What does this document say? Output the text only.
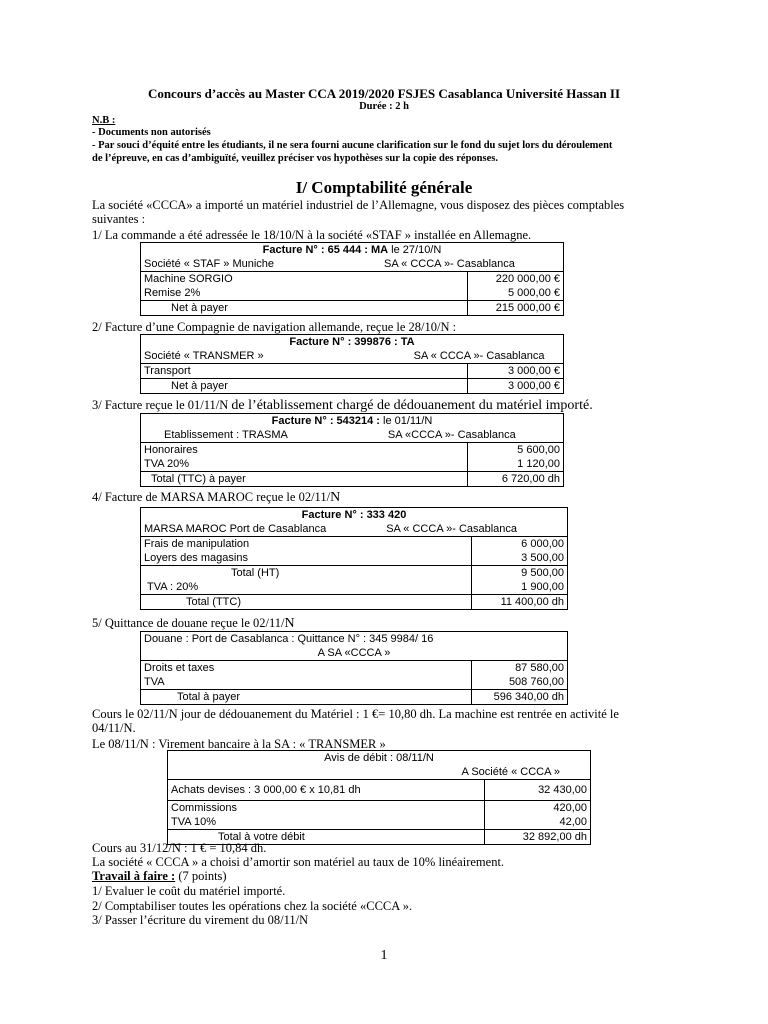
Concours d’accès au Master CCA 2019/2020 FSJES Casablanca Université Hassan II
Durée : 2 h
N.B :
- Documents non autorisés
- Par souci d’équité entre les étudiants, il ne sera fourni aucune clarification sur le fond du sujet lors du déroulement
de l’épreuve, en cas d’ambiguïté, veuillez préciser vos hypothèses sur la copie des réponses.
I/ Comptabilité générale
La société «CCCA» a importé un matériel industriel de l’Allemagne, vous disposez des pièces comptables
suivantes :
1/ La commande a été adressée le 18/10/N à la société «STAF » installée en Allemagne.
Facture N° : 65 444 : MA le 27/10/N	
Société « STAF » Muniche SA « CCCA »- Casablanca	
Machine SORGIO	220 000,00 €
Remise 2%	5 000,00 €
Net à payer	215 000,00 €
2/ Facture d’une Compagnie de navigation allemande, reçue le 28/10/N :
Facture N° : 399876 : TA	
Société « TRANSMER » SA « CCCA »- Casablanca	
Transport	3 000,00 €
Net à payer	3 000,00 €
3/ Facture reçue le 01/11/N de l’établissement chargé de dédouanement du matériel importé.
Facture N° : 543214 : le 01/11/N	
Etablissement : TRASMA SA «CCCA »- Casablanca	
Honoraires	5 600,00
TVA 20%	1 120,00
Total (TTC) à payer	6 720,00 dh
4/ Facture de MARSA MAROC reçue le 02/11/N
Facture N° : 333 420	
MARSA MAROC Port de Casablanca SA « CCCA »- Casablanca	
Frais de manipulation	6 000,00
Loyers des magasins	3 500,00
Total (HT)	9 500,00
TVA : 20%	1 900,00
Total (TTC)	11 400,00 dh
5/ Quittance de douane reçue le 02/11/N
Douane : Port de Casablanca : Quittance N° : 345 9984/ 16	
A SA «CCCA »	
Droits et taxes	87 580,00
TVA	508 760,00
Total à payer	596 340,00 dh
Cours le 02/11/N jour de dédouanement du Matériel : 1 €= 10,80 dh. La machine est rentrée en activité le
04/11/N.
Le 08/11/N : Virement bancaire à la SA : « TRANSMER »
Avis de débit : 08/11/N	
A Société « CCCA »	
Achats devises : 3 000,00 € x 10,81 dh	32 430,00
Commissions	420,00
TVA 10%	42,00
Total à votre débit	32 892,00 dh
Cours au 31/12/N : 1 € = 10,84 dh.
La société « CCCA » a choisi d’amortir son matériel au taux de 10% linéairement.
Travail à faire : (7 points)
1/ Evaluer le coût du matériel importé.
2/ Comptabiliser toutes les opérations chez la société «CCCA ».
3/ Passer l’écriture du virement du 08/11/N
1
